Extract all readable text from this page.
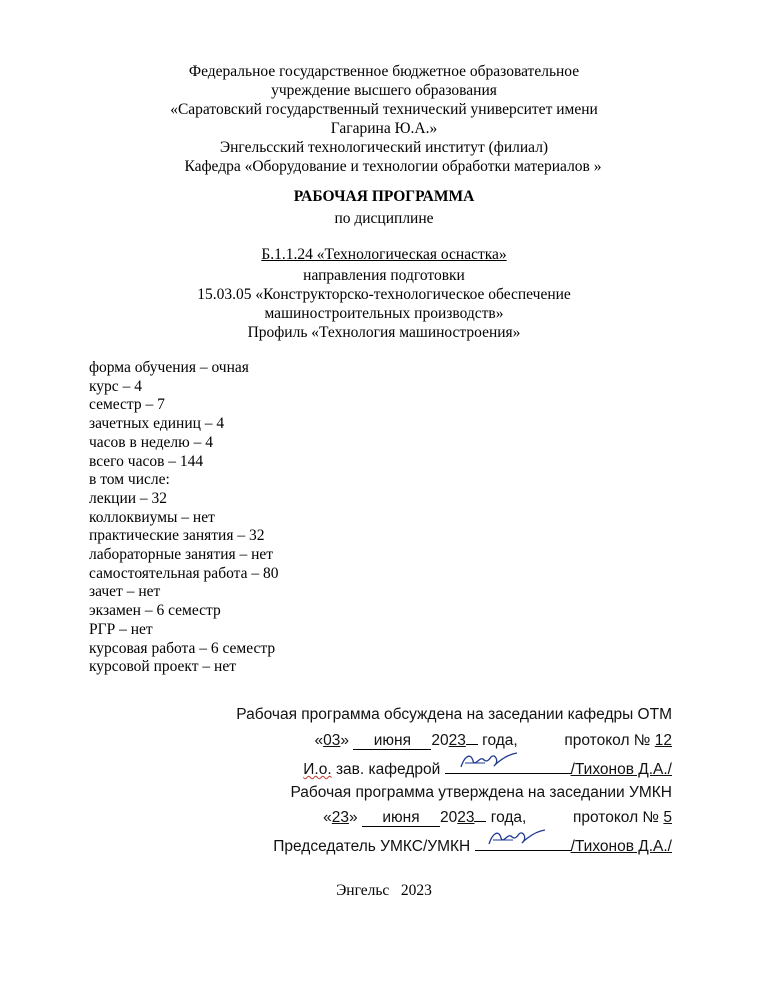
Федеральное государственное бюджетное образовательное
учреждение высшего образования
«Саратовский государственный технический университет имени
Гагарина Ю.А.»
Энгельсский технологический институт (филиал)
Кафедра «Оборудование и технологии обработки материалов »
РАБОЧАЯ ПРОГРАММА
по дисциплине
Б.1.1.24 «Технологическая оснастка»
направления подготовки
15.03.05 «Конструкторско-технологическое обеспечение
машиностроительных производств»
Профиль «Технология машиностроения»
форма обучения – очная
курс – 4
семестр – 7
зачетных единиц – 4
часов в неделю – 4
всего часов – 144
в том числе:
лекции – 32
коллоквиумы – нет
практические занятия – 32
лабораторные занятия – нет
самостоятельная работа – 80
зачет – нет
экзамен – 6 семестр
РГР – нет
курсовая работа – 6 семестр
курсовой проект – нет
Рабочая программа обсуждена на заседании кафедры ОТМ
«03» июня 2023 года,	протокол № 12
И.о. зав. кафедрой	/Тихонов Д.А./
Рабочая программа утверждена на заседании УМКН
«23» июня 2023 года,	протокол № 5
Председатель УМКС/УМКН	/Тихонов Д.А./
Энгельс   2023
